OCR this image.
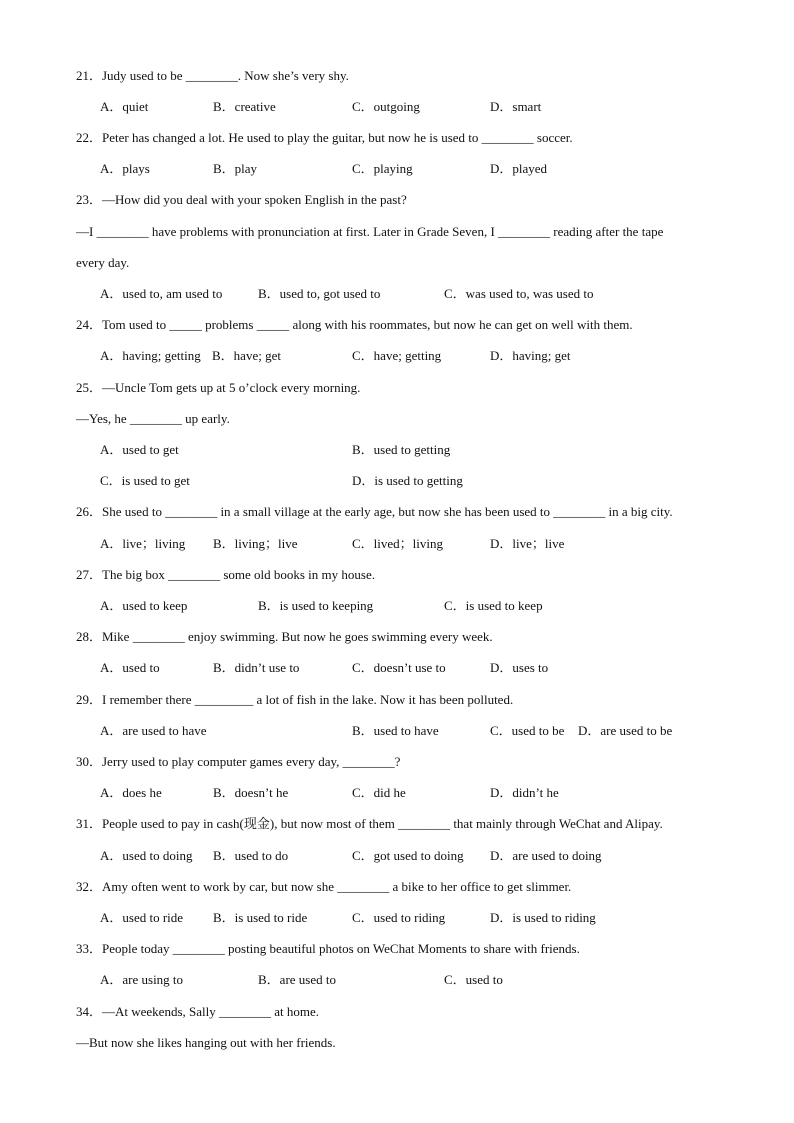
21．Judy used to be ________. Now she’s very shy.
A．quiet	B．creative	C．outgoing	D．smart
22．Peter has changed a lot. He used to play the guitar, but now he is used to ________ soccer.
A．plays	B．play	C．playing	D．played
23．—How did you deal with your spoken English in the past?
—I ________ have problems with pronunciation at first. Later in Grade Seven, I ________ reading after the tape
every day.
A．used to, am used to	B．used to, got used to	C．was used to, was used to
24．Tom used to _____ problems _____ along with his roommates, but now he can get on well with them.
A．having; getting B．have; get	C．have; getting	D．having; get
25．—Uncle Tom gets up at 5 o’clock every morning.
—Yes, he ________ up early.
A．used to get	B．used to getting
C．is used to get	D．is used to getting
26．She used to ________ in a small village at the early age, but now she has been used to ________ in a big city.
A．live；living B．living；live	C．lived；living	D．live；live
27．The big box ________ some old books in my house.
A．used to keep	B．is used to keeping	C．is used to keep
28．Mike ________ enjoy swimming. But now he goes swimming every week.
A．used to	B．didn’t use to	C．doesn’t use to	D．uses to
29．I remember there _________ a lot of fish in the lake. Now it has been polluted.
A．are used to have	B．used to have	C．used to be D．are used to be
30．Jerry used to play computer games every day, ________?
A．does he	B．doesn’t he	C．did he	D．didn’t he
31．People used to pay in cash(现金), but now most of them ________ that mainly through WeChat and Alipay.
A．used to doing B．used to do	C．got used to doing D．are used to doing
32．Amy often went to work by car, but now she ________ a bike to her office to get slimmer.
A．used to ride B．is used to ride	C．used to riding	D．is used to riding
33．People today ________ posting beautiful photos on WeChat Moments to share with friends.
A．are using to	B．are used to	C．used to
34．—At weekends, Sally ________ at home.
—But now she likes hanging out with her friends.
